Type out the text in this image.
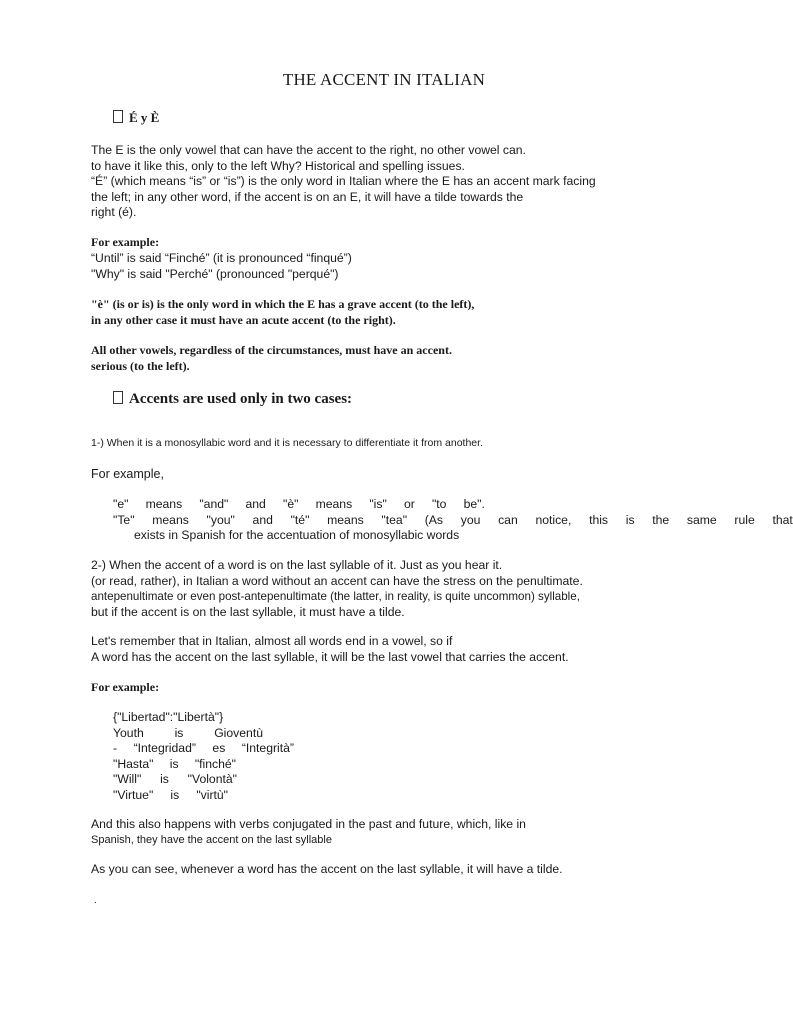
THE ACCENT IN ITALIAN
É y È
The E is the only vowel that can have the accent to the right, no other vowel can.
to have it like this, only to the left Why? Historical and spelling issues.
“É” (which means “is” or “is”) is the only word in Italian where the E has an accent mark facing
the left; in any other word, if the accent is on an E, it will have a tilde towards the
right (é).
For example:
“Until” is said “Finché” (it is pronounced “finqué”)
"Why" is said "Perché" (pronounced "perqué")
"è" (is or is) is the only word in which the E has a grave accent (to the left),
in any other case it must have an acute accent (to the right).
All other vowels, regardless of the circumstances, must have an accent.
serious (to the left).
Accents are used only in two cases:
1-) When it is a monosyllabic word and it is necessary to differentiate it from another.
For example,
"e" means "and" and "è" means "is" or "to be".
"Te" means "you" and "té" means "tea" (As you can notice, this is the same rule that
exists in Spanish for the accentuation of monosyllabic words
2-) When the accent of a word is on the last syllable of it. Just as you hear it.
(or read, rather), in Italian a word without an accent can have the stress on the penultimate.
antepenultimate or even post-antepenultimate (the latter, in reality, is quite uncommon) syllable,
but if the accent is on the last syllable, it must have a tilde.
Let's remember that in Italian, almost all words end in a vowel, so if
A word has the accent on the last syllable, it will be the last vowel that carries the accent.
For example:
{"Libertad":"Libertà"}
Youth	is	Gioventù
- “Integridad” es “Integrità”
"Hasta" is "finché"
"Will" is "Volontà"
"Virtue" is "virtù"
And this also happens with verbs conjugated in the past and future, which, like in
Spanish, they have the accent on the last syllable
As you can see, whenever a word has the accent on the last syllable, it will have a tilde.
.
